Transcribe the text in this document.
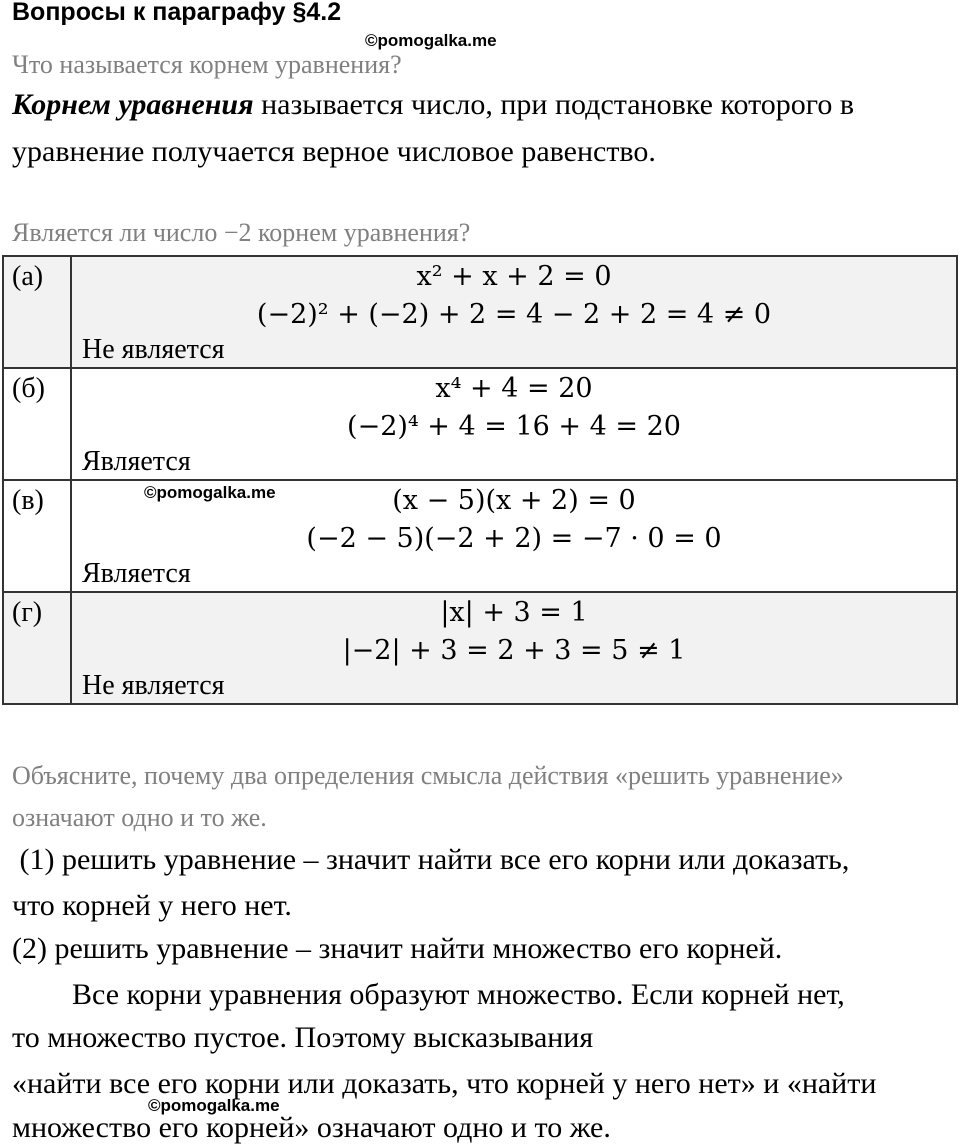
Вопросы к параграфу §4.2
©pomogalka.me
Что называется корнем уравнения?
Корнем уравнения называется число, при подстановке которого в
уравнение получается верное числовое равенство.
Является ли число −2 корнем уравнения?
(а)	x² + x + 2 = 0
(−2)² + (−2) + 2 = 4 − 2 + 2 = 4 ≠ 0
Не является

(б)	x⁴ + 4 = 20
(−2)⁴ + 4 = 16 + 4 = 20
Является

(в)	©pomogalka.me (x − 5)(x + 2) = 0
(−2 − 5)(−2 + 2) = −7 · 0 = 0
Является

(г)	|x| + 3 = 1
|−2| + 3 = 2 + 3 = 5 ≠ 1
Не является
Объясните, почему два определения смысла действия «решить уравнение»
означают одно и то же.
(1) решить уравнение – значит найти все его корни или доказать,
что корней у него нет.
(2) решить уравнение – значит найти множество его корней.
Все корни уравнения образуют множество. Если корней нет,
то множество пустое. Поэтому высказывания
«найти все его корни или доказать, что корней у него нет» и «найти
©pomogalka.me
множество его корней» означают одно и то же.
